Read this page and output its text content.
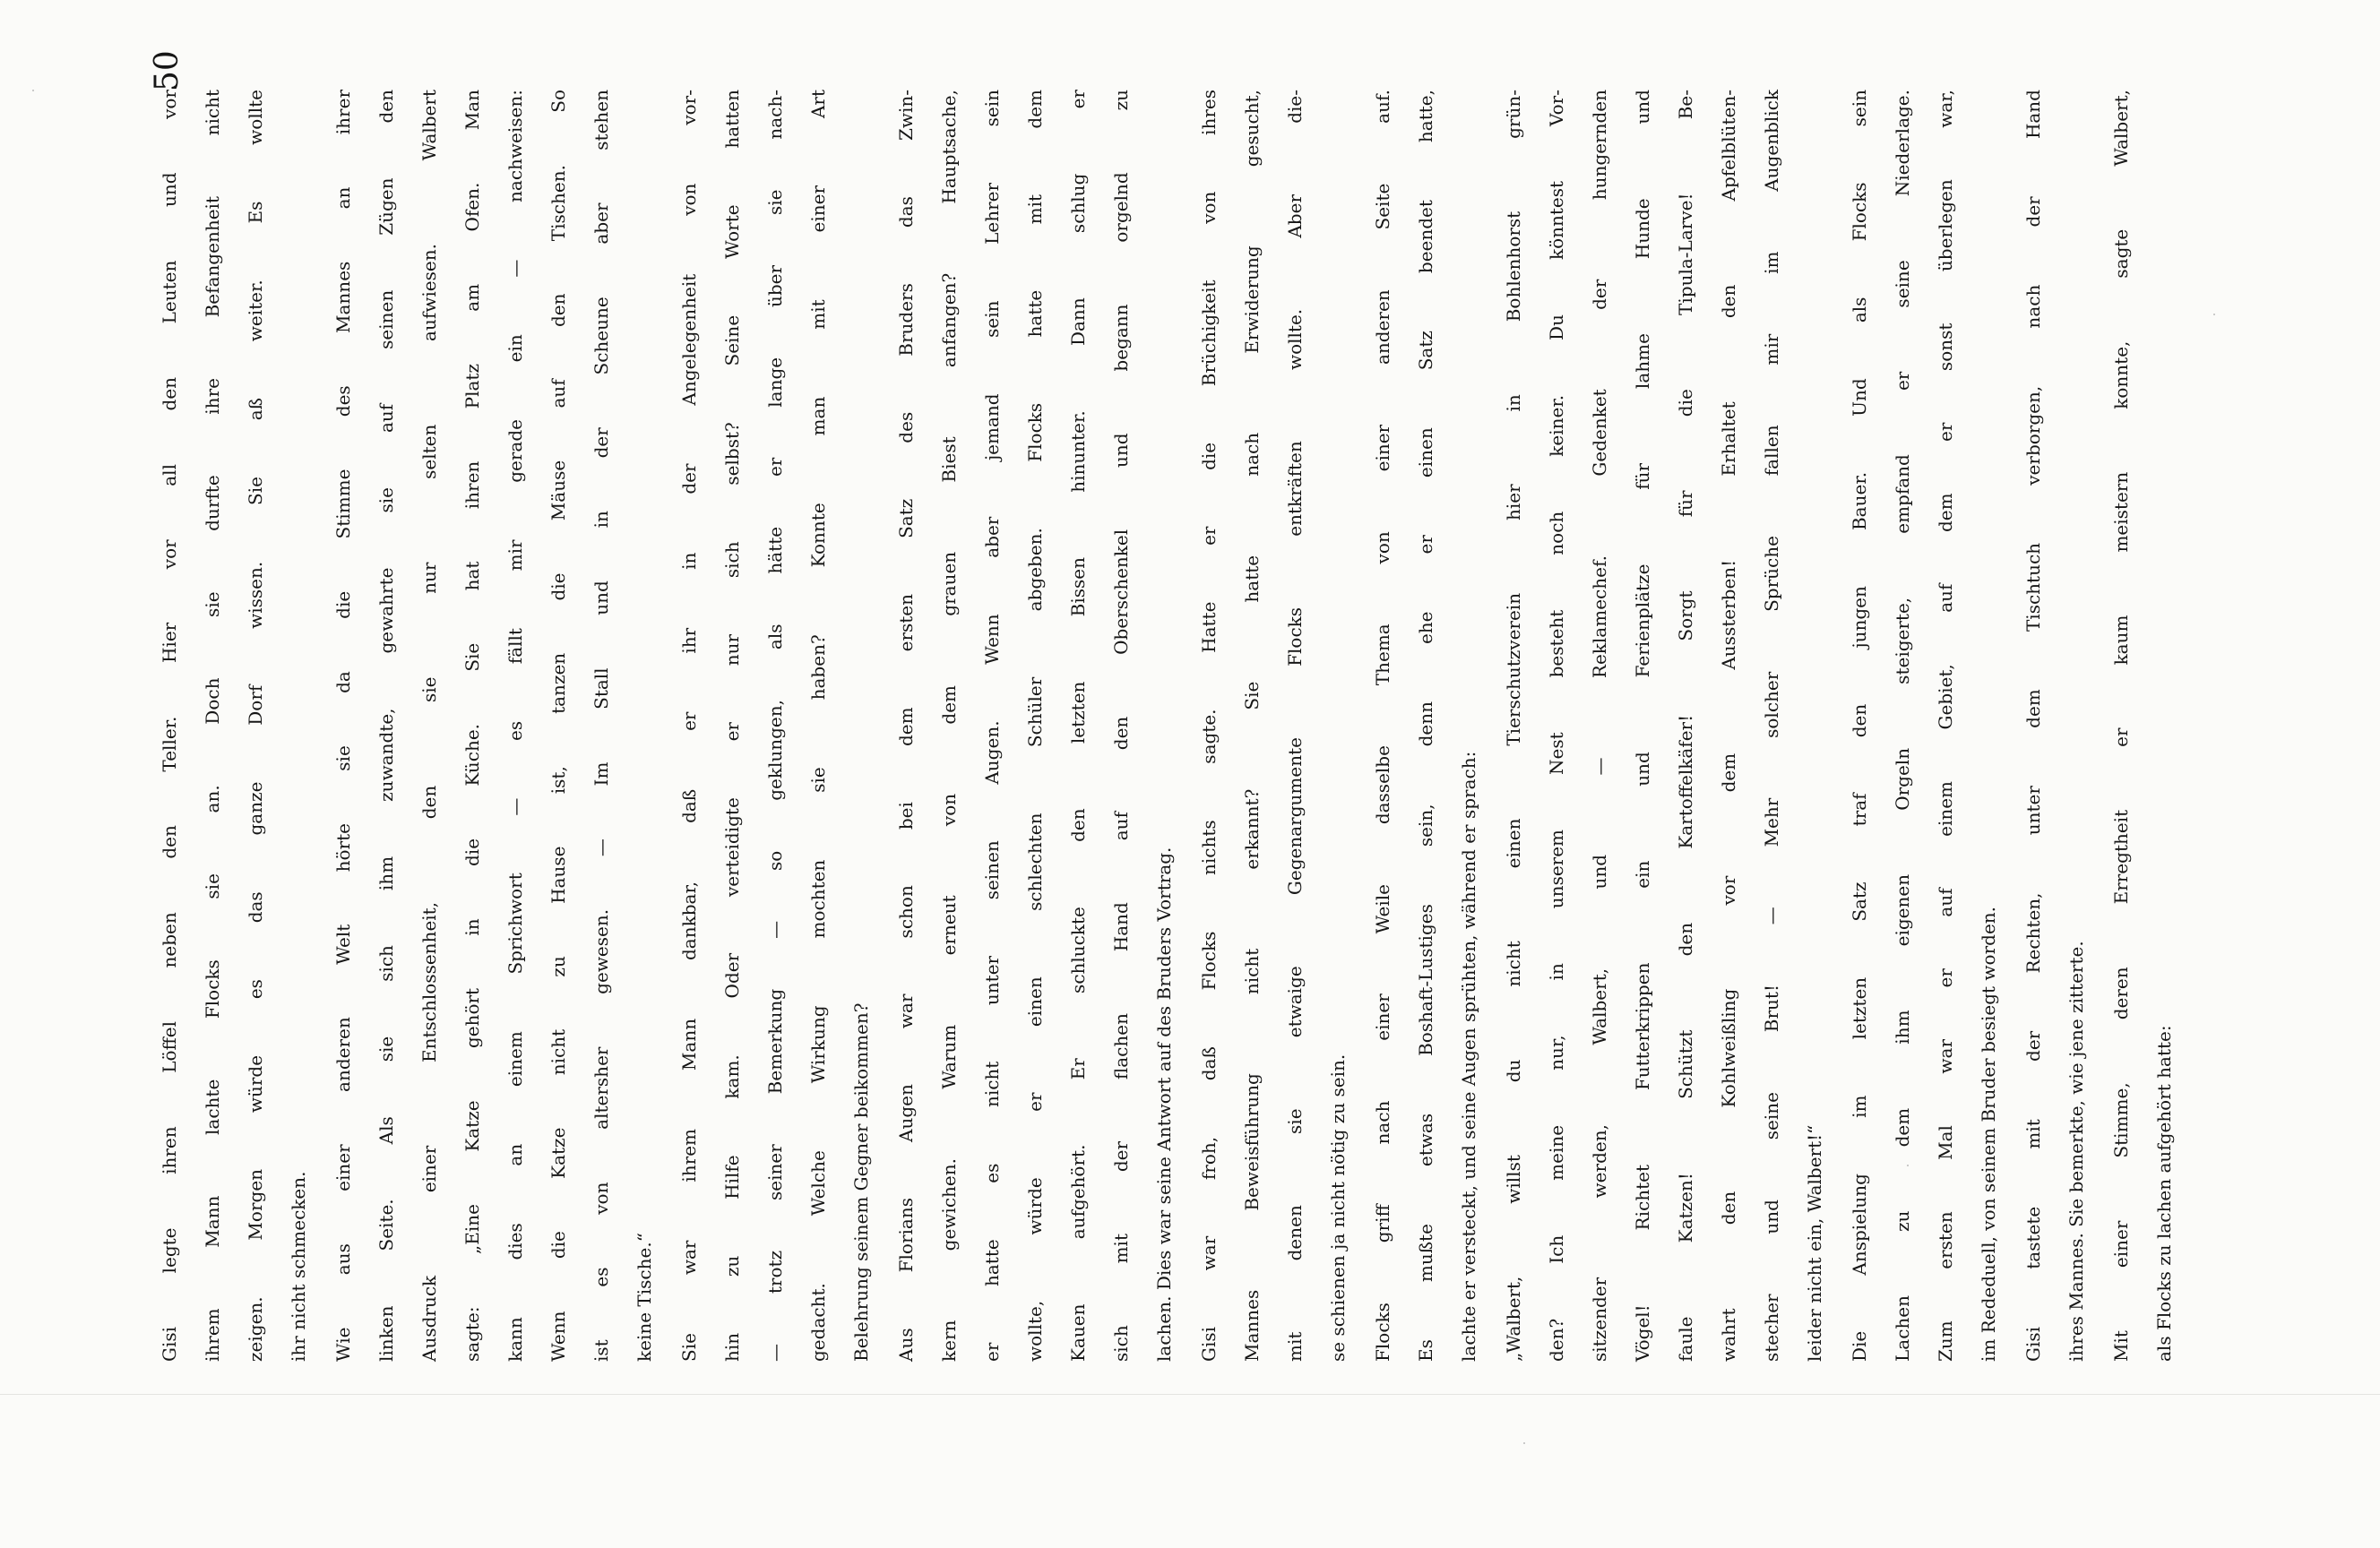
Gisi legte ihren Löffel neben den Teller. Hier vor all den Leuten und vor	ihrem Mann lachte Flocks sie an. Doch sie durfte ihre Befangenheit nicht	zeigen. Morgen würde es das ganze Dorf wissen. Sie aß weiter. Es wollte	ihr nicht schmecken.	Wie aus einer anderen Welt hörte sie da die Stimme des Mannes an ihrer	linken Seite. Als sie sich ihm zuwandte, gewahrte sie auf seinen Zügen den	Ausdruck einer Entschlossenheit, den sie nur selten aufwiesen. Walbert	sagte: „Eine Katze gehört in die Küche. Sie hat ihren Platz am Ofen. Man	kann dies an einem Sprichwort — es fällt mir gerade ein — nachweisen:	Wenn die Katze nicht zu Hause ist, tanzen die Mäuse auf den Tischen. So	ist es von altersher gewesen. — Im Stall und in der Scheune aber stehen	keine Tische.“	Sie war ihrem Mann dankbar, daß er ihr in der Angelegenheit von vor-	hin zu Hilfe kam. Oder verteidigte er nur sich selbst? Seine Worte hatten	— trotz seiner Bemerkung — so geklungen, als hätte er lange über sie nach-	gedacht. Welche Wirkung mochten sie haben? Konnte man mit einer Art	Belehrung seinem Gegner beikommen?	Aus Florians Augen war schon bei dem ersten Satz des Bruders das Zwin-	kern gewichen. Warum erneut von dem grauen Biest anfangen? Hauptsache,	er hatte es nicht unter seinen Augen. Wenn aber jemand sein Lehrer sein	wollte, würde er einen schlechten Schüler abgeben. Flocks hatte mit dem	Kauen aufgehört. Er schluckte den letzten Bissen hinunter. Dann schlug er	sich mit der flachen Hand auf den Oberschenkel und begann orgelnd zu	lachen. Dies war seine Antwort auf des Bruders Vortrag.	Gisi war froh, daß Flocks nichts sagte. Hatte er die Brüchigkeit von ihres	Mannes Beweisführung nicht erkannt? Sie hatte nach Erwiderung gesucht,	mit denen sie etwaige Gegenargumente Flocks entkräften wollte. Aber die-	se schienen ja nicht nötig zu sein.	Flocks griff nach einer Weile dasselbe Thema von einer anderen Seite auf.	Es mußte etwas Boshaft-Lustiges sein, denn ehe er einen Satz beendet hatte,	lachte er versteckt, und seine Augen sprühten, während er sprach:	„Walbert, willst du nicht einen Tierschutzverein hier in Bohlenhorst grün-	den? Ich meine nur, in unserem Nest besteht noch keiner. Du könntest Vor-	sitzender werden, Walbert, und — Reklamechef. Gedenket der hungernden	Vögel! Richtet Futterkrippen ein und Ferienplätze für lahme Hunde und	faule Katzen! Schützt den Kartoffelkäfer! Sorgt für die Tipula-Larve! Be-	wahrt den Kohlweißling vor dem Aussterben! Erhaltet den Apfelblüten-	stecher und seine Brut! — Mehr solcher Sprüche fallen mir im Augenblick	leider nicht ein, Walbert!“	Die Anspielung im letzten Satz traf den jungen Bauer. Und als Flocks sein	Lachen zu dem ihm eigenen Orgeln steigerte, empfand er seine Niederlage.	Zum ersten Mal war er auf einem Gebiet, auf dem er sonst überlegen war,	im Rededuell, von seinem Bruder besiegt worden.	Gisi tastete mit der Rechten, unter dem Tischtuch verborgen, nach der Hand	ihres Mannes. Sie bemerkte, wie jene zitterte.	Mit einer Stimme, deren Erregtheit er kaum meistern konnte, sagte Walbert,	als Flocks zu lachen aufgehört hatte:
50
